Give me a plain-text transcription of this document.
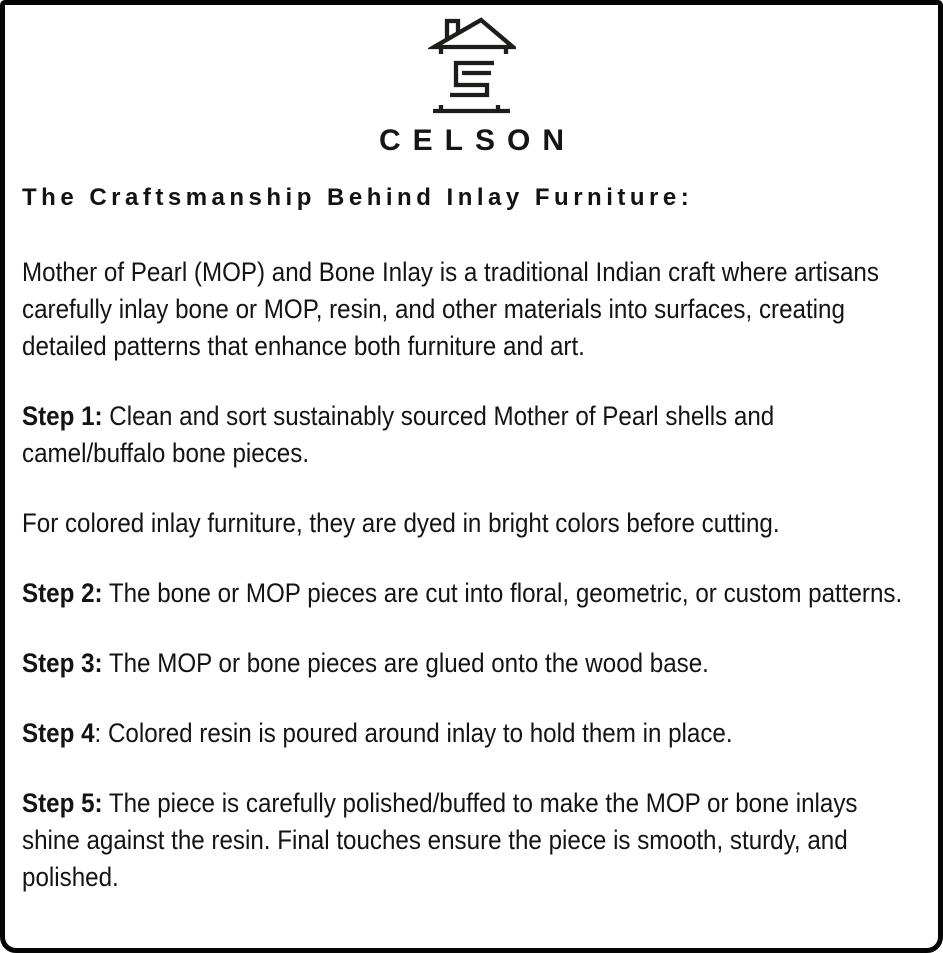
CELSON
The Craftsmanship Behind Inlay Furniture:

Mother of Pearl (MOP) and Bone Inlay is a traditional Indian craft where artisans carefully inlay bone or MOP, resin, and other materials into surfaces, creating detailed patterns that enhance both furniture and art.

Step 1: Clean and sort sustainably sourced Mother of Pearl shells and camel/buffalo bone pieces.

For colored inlay furniture, they are dyed in bright colors before cutting.

Step 2: The bone or MOP pieces are cut into floral, geometric, or custom patterns.

Step 3: The MOP or bone pieces are glued onto the wood base.

Step 4: Colored resin is poured around inlay to hold them in place.

Step 5: The piece is carefully polished/buffed to make the MOP or bone inlays shine against the resin. Final touches ensure the piece is smooth, sturdy, and polished.
